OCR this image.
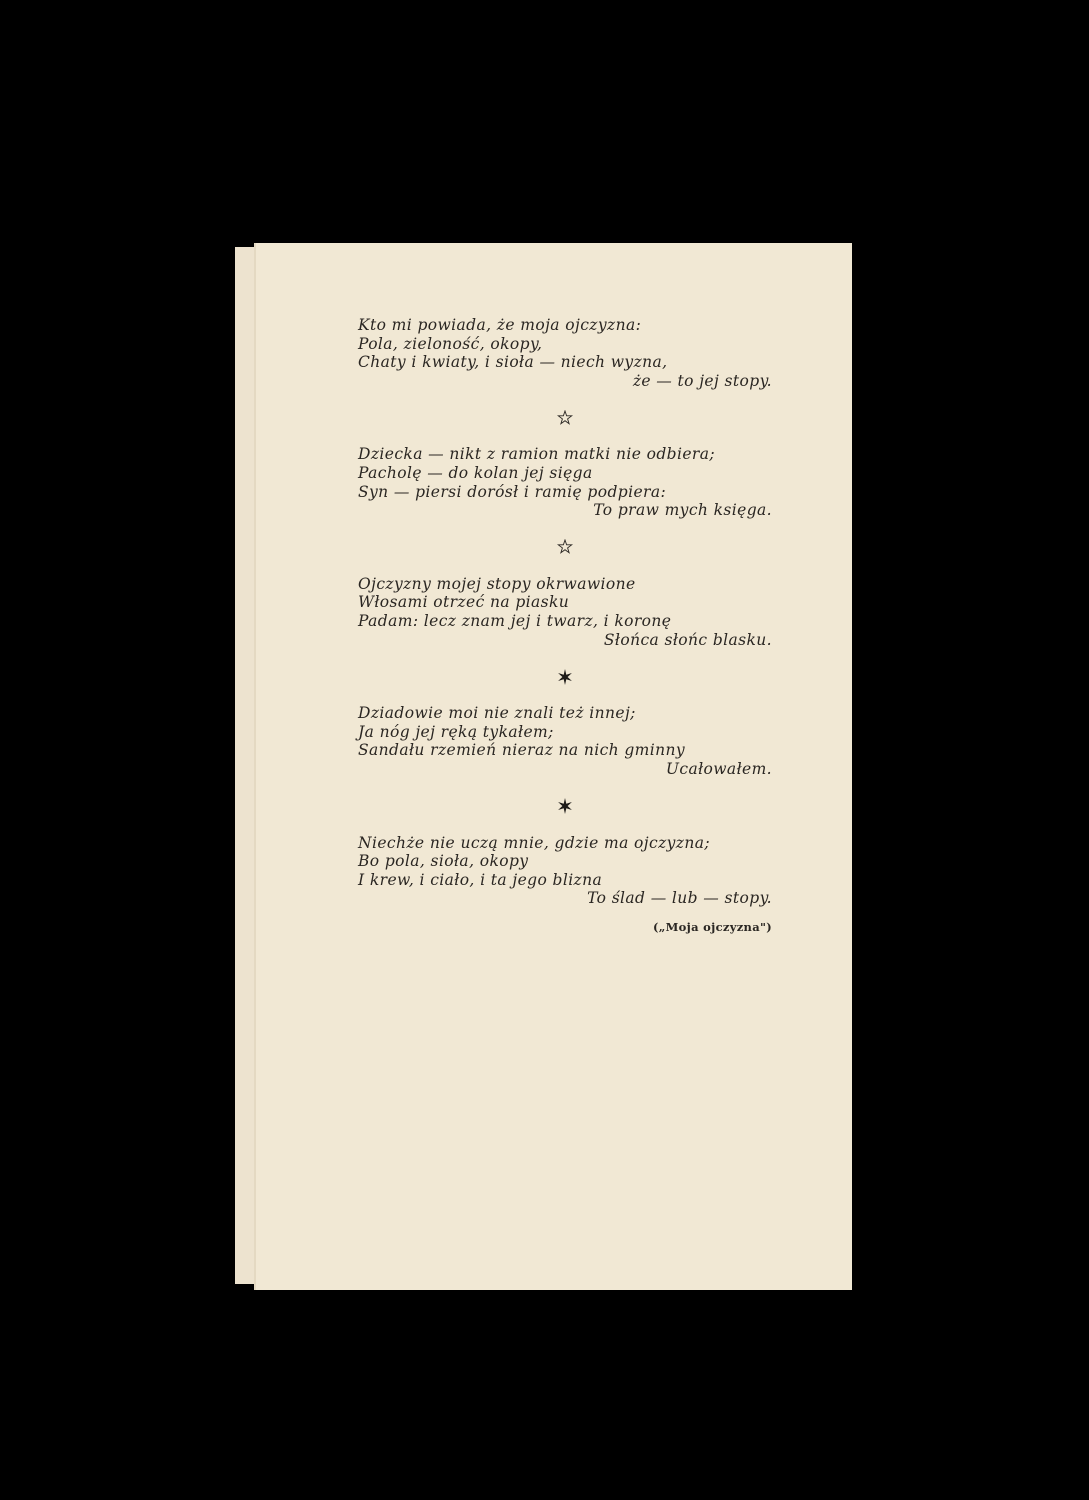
Kto mi powiada, że moja ojczyzna:
Pola, zieloność, okopy,
Chaty i kwiaty, i sioła — niech wyzna,
że — to jej stopy.
Dziecka — nikt z ramion matki nie odbiera;
Pacholę — do kolan jej sięga
Syn — piersi dorósł i ramię podpiera:
To praw mych księga.
Ojczyzny mojej stopy okrwawione
Włosami otrzeć na piasku
Padam: lecz znam jej i twarz, i koronę
Słońca słońc blasku.
Dziadowie moi nie znali też innej;
Ja nóg jej ręką tykałem;
Sandału rzemień nieraz na nich gminny
Ucałowałem.
Niechże nie uczą mnie, gdzie ma ojczyzna;
Bo pola, sioła, okopy
I krew, i ciało, i ta jego blizna
To ślad — lub — stopy.
(„Moja ojczyzna")
